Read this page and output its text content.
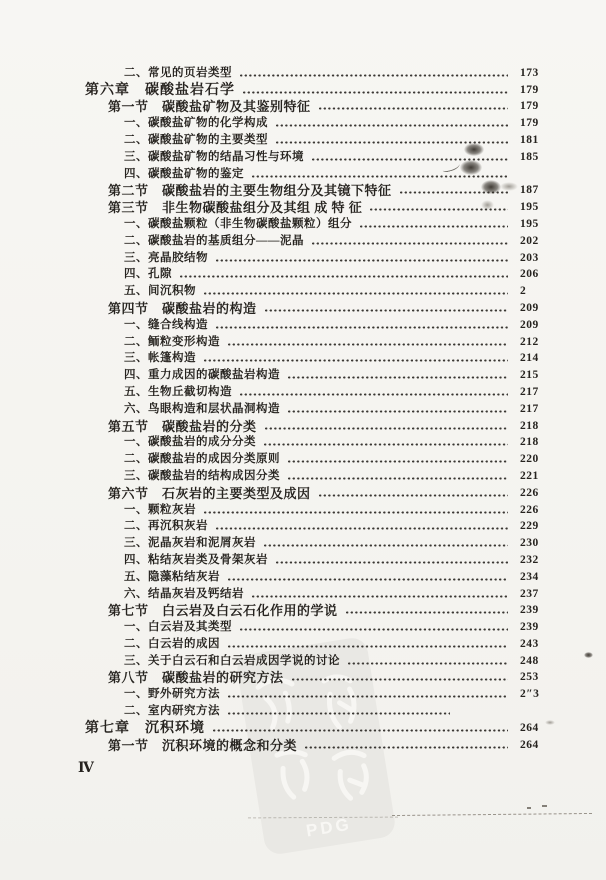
二、常见的页岩类型	173
第六章　碳酸盐岩石学	179
第一节　碳酸盐矿物及其鉴别特征	179
一、碳酸盐矿物的化学构成	179
二、碳酸盐矿物的主要类型	181
三、碳酸盐矿物的结晶习性与环境	185
四、碳酸盐矿物的鉴定
第二节　碳酸盐岩的主要生物组分及其镜下特征	187
第三节　非生物碳酸盐组分及其组 成 特 征	195
一、碳酸盐颗粒（非生物碳酸盐颗粒）组分	195
二、碳酸盐岩的基质组分——泥晶	202
三、亮晶胶结物	203
四、孔隙	206
五、间沉积物	2
第四节　碳酸盐岩的构造	209
一、缝合线构造	209
二、鲕粒变形构造	212
三、帐篷构造	214
四、重力成因的碳酸盐岩构造	215
五、生物丘截切构造	217
六、鸟眼构造和层状晶洞构造	217
第五节　碳酸盐岩的分类	218
一、碳酸盐岩的成分分类	218
二、碳酸盐岩的成因分类原则	220
三、碳酸盐岩的结构成因分类	221
第六节　石灰岩的主要类型及成因	226
一、颗粒灰岩	226
二、再沉积灰岩	229
三、泥晶灰岩和泥屑灰岩	230
四、粘结灰岩类及骨架灰岩	232
五、隐藻粘结灰岩	234
六、结晶灰岩及钙结岩	237
第七节　白云岩及白云石化作用的学说	239
一、白云岩及其类型	239
二、白云岩的成因	243
三、关于白云石和白云岩成因学说的讨论	248
第八节　碳酸盐岩的研究方法	253
一、野外研究方法	2″3
二、室内研究方法
第七章　沉积环境	264
第一节　沉积环境的概念和分类	264
Ⅳ
PDG
